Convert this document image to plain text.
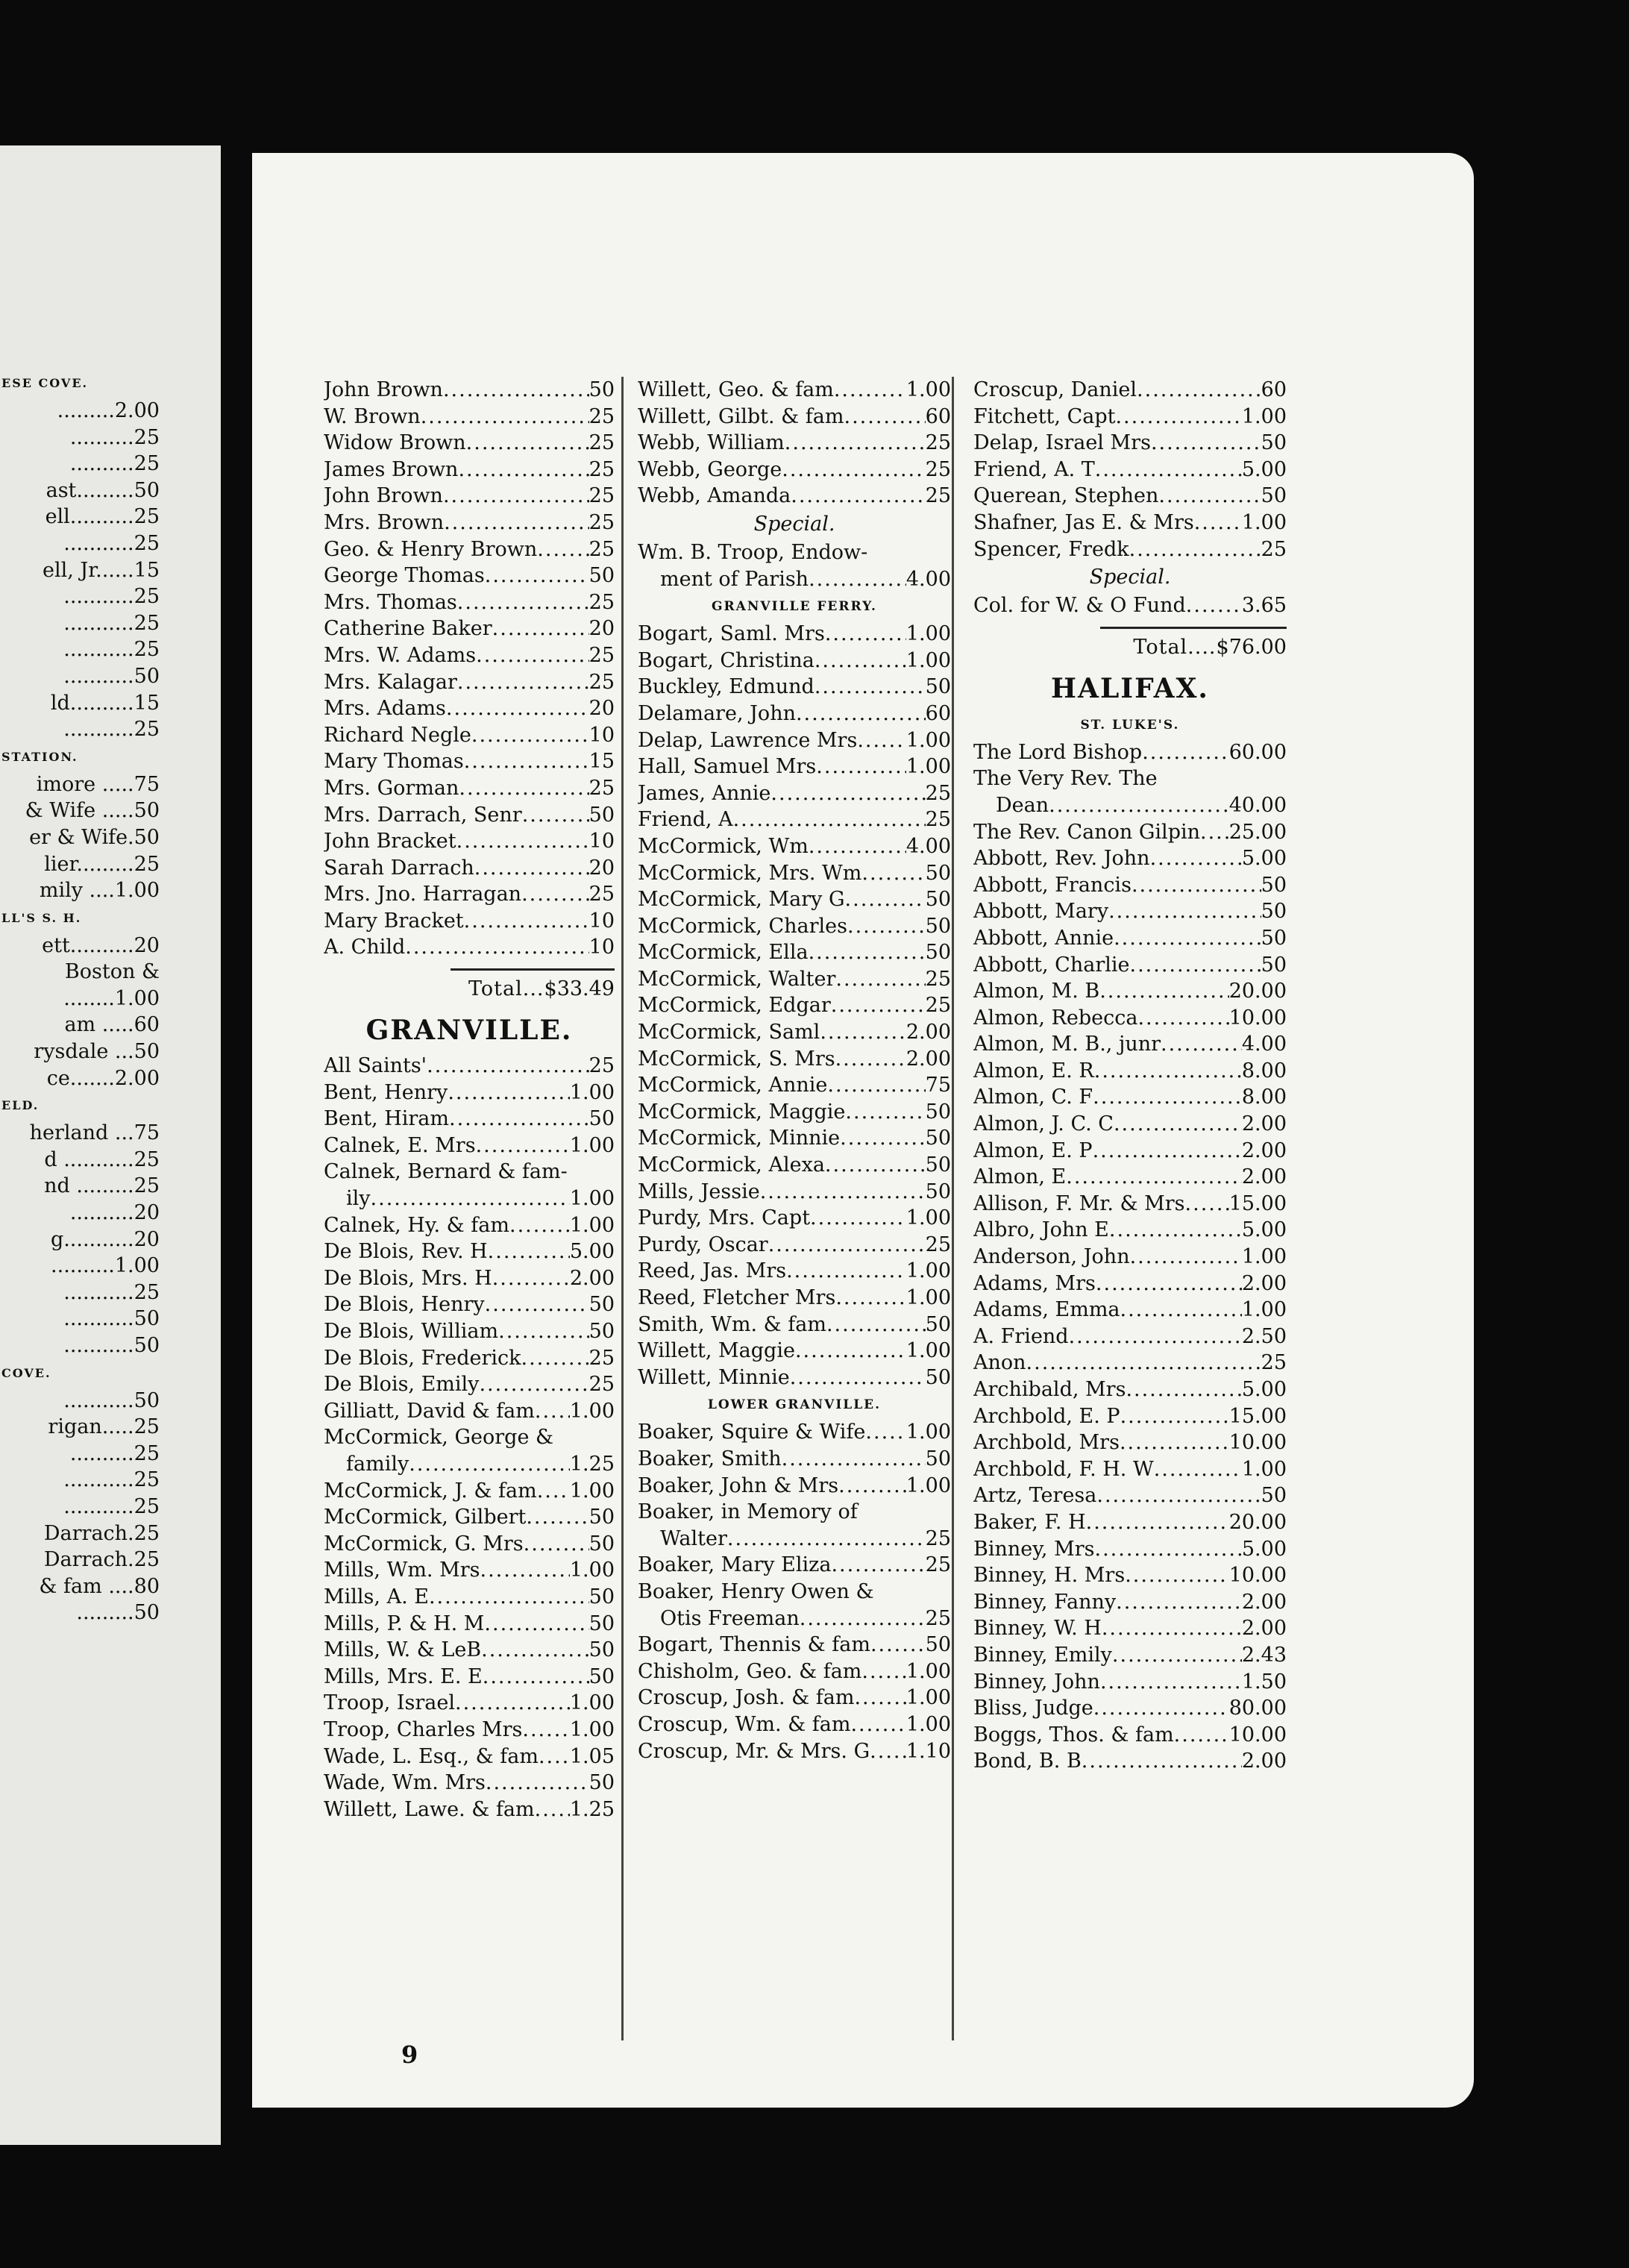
ESE COVE.
.........2.00
..........25
..........25
ast.........50
ell..........25
...........25
ell, Jr......15
...........25
...........25
...........25
...........50
ld..........15
...........25
STATION.
imore .....75
& Wife .....50
er & Wife.50
lier.........25
mily ....1.00
LL'S S. H.
ett..........20
Boston &
........1.00
am .....60
rysdale ...50
ce.......2.00
ELD.
herland ...75
d ...........25
nd .........25
..........20
g...........20
..........1.00
...........25
...........50
...........50
COVE.
...........50
rigan.....25
..........25
...........25
...........25
Darrach.25
Darrach.25
& fam ....80
.........50
John Brown .....	50
W. Brown .....	25
Widow Brown .....	25
James Brown .....	25
John Brown .....	25
Mrs. Brown .....	25
Geo. & Henry Brown .....	25
George Thomas .....	50
Mrs. Thomas .....	25
Catherine Baker .....	20
Mrs. W. Adams .....	25
Mrs. Kalagar .....	25
Mrs. Adams .....	20
Richard Negle .....	10
Mary Thomas .....	15
Mrs. Gorman .....	25
Mrs. Darrach, Senr .....	50
John Bracket .....	10
Sarah Darrach .....	20
Mrs. Jno. Harragan .....	25
Mary Bracket .....	10
A. Child .....	10
Total... $33.49
GRANVILLE.
All Saints' .....	25
Bent, Henry .....	1.00
Bent, Hiram .....	50
Calnek, E. Mrs .....	1.00
Calnek, Bernard & fam-
ily .....	1.00
Calnek, Hy. & fam .....	1.00
De Blois, Rev. H .....	5.00
De Blois, Mrs. H .....	2.00
De Blois, Henry .....	50
De Blois, William .....	50
De Blois, Frederick .....	25
De Blois, Emily .....	25
Gilliatt, David & fam ..... 1.00
McCormick, George &
family .....	1.25
McCormick, J. & fam ..... 1.00
McCormick, Gilbert .....	50
McCormick, G. Mrs .....	50
Mills, Wm. Mrs .....	1.00
Mills, A. E .....	50
Mills, P. & H. M .....	50
Mills, W. & LeB .....	50
Mills, Mrs. E. E .....	50
Troop, Israel .....	1.00
Troop, Charles Mrs ..... 1.00
Wade, L. Esq., & fam ..... 1.05
Wade, Wm. Mrs .....	50
Willett, Lawe. & fam ..... 1.25
Willett, Geo. & fam .....	1.00
Willett, Gilbt. & fam .....	60
Webb, William .....	25
Webb, George .....	25
Webb, Amanda .....	25
Special.
Wm. B. Troop, Endow-
ment of Parish .....	4.00
GRANVILLE FERRY.
Bogart, Saml. Mrs .....	1.00
Bogart, Christina .....	1.00
Buckley, Edmund .....	50
Delamare, John .....	60
Delap, Lawrence Mrs ..... 1.00
Hall, Samuel Mrs .....	1.00
James, Annie .....	25
Friend, A .....	25
McCormick, Wm .....	4.00
McCormick, Mrs. Wm .....	50
McCormick, Mary G .....	50
McCormick, Charles .....	50
McCormick, Ella .....	50
McCormick, Walter .....	25
McCormick, Edgar .....	25
McCormick, Saml .....	2.00
McCormick, S. Mrs .....	2.00
McCormick, Annie .....	75
McCormick, Maggie .....	50
McCormick, Minnie .....	50
McCormick, Alexa .....	50
Mills, Jessie .....	50
Purdy, Mrs. Capt .....	1.00
Purdy, Oscar .....	25
Reed, Jas. Mrs .....	1.00
Reed, Fletcher Mrs .....	1.00
Smith, Wm. & fam .....	50
Willett, Maggie .....	1.00
Willett, Minnie .....	50
LOWER GRANVILLE.
Boaker, Squire & Wife ..... 1.00
Boaker, Smith .....	50
Boaker, John & Mrs .....	1.00
Boaker, in Memory of
Walter .....	25
Boaker, Mary Eliza .....	25
Boaker, Henry Owen &
Otis Freeman .....	25
Bogart, Thennis & fam .....	50
Chisholm, Geo. & fam ..... 1.00
Croscup, Josh. & fam .....	1.00
Croscup, Wm. & fam .....	1.00
Croscup, Mr. & Mrs. G ..... 1.10
Croscup, Daniel .....	60
Fitchett, Capt .....	1.00
Delap, Israel Mrs .....	50
Friend, A. T .....	5.00
Querean, Stephen .....	50
Shafner, Jas E. & Mrs ..... 1.00
Spencer, Fredk .....	25
Special.
Col. for W. & O Fund .....	3.65
Total.... $76.00
HALIFAX.
ST. LUKE'S.
The Lord Bishop .....	60.00
The Very Rev. The
Dean .....	40.00
The Rev. Canon Gilpin ..... 25.00
Abbott, Rev. John .....	5.00
Abbott, Francis .....	50
Abbott, Mary .....	50
Abbott, Annie .....	50
Abbott, Charlie .....	50
Almon, M. B .....	20.00
Almon, Rebecca .....	10.00
Almon, M. B., junr .....	4.00
Almon, E. R .....	8.00
Almon, C. F .....	8.00
Almon, J. C. C .....	2.00
Almon, E. P .....	2.00
Almon, E .....	2.00
Allison, F. Mr. & Mrs ..... 15.00
Albro, John E .....	5.00
Anderson, John .....	1.00
Adams, Mrs .....	2.00
Adams, Emma .....	1.00
A. Friend .....	2.50
Anon .....	25
Archibald, Mrs .....	5.00
Archbold, E. P .....	15.00
Archbold, Mrs .....	10.00
Archbold, F. H. W .....	1.00
Artz, Teresa .....	50
Baker, F. H .....	20.00
Binney, Mrs .....	5.00
Binney, H. Mrs .....	10.00
Binney, Fanny .....	2.00
Binney, W. H .....	2.00
Binney, Emily .....	2.43
Binney, John .....	1.50
Bliss, Judge .....	80.00
Boggs, Thos. & fam .....	10.00
Bond, B. B .....	2.00
9
